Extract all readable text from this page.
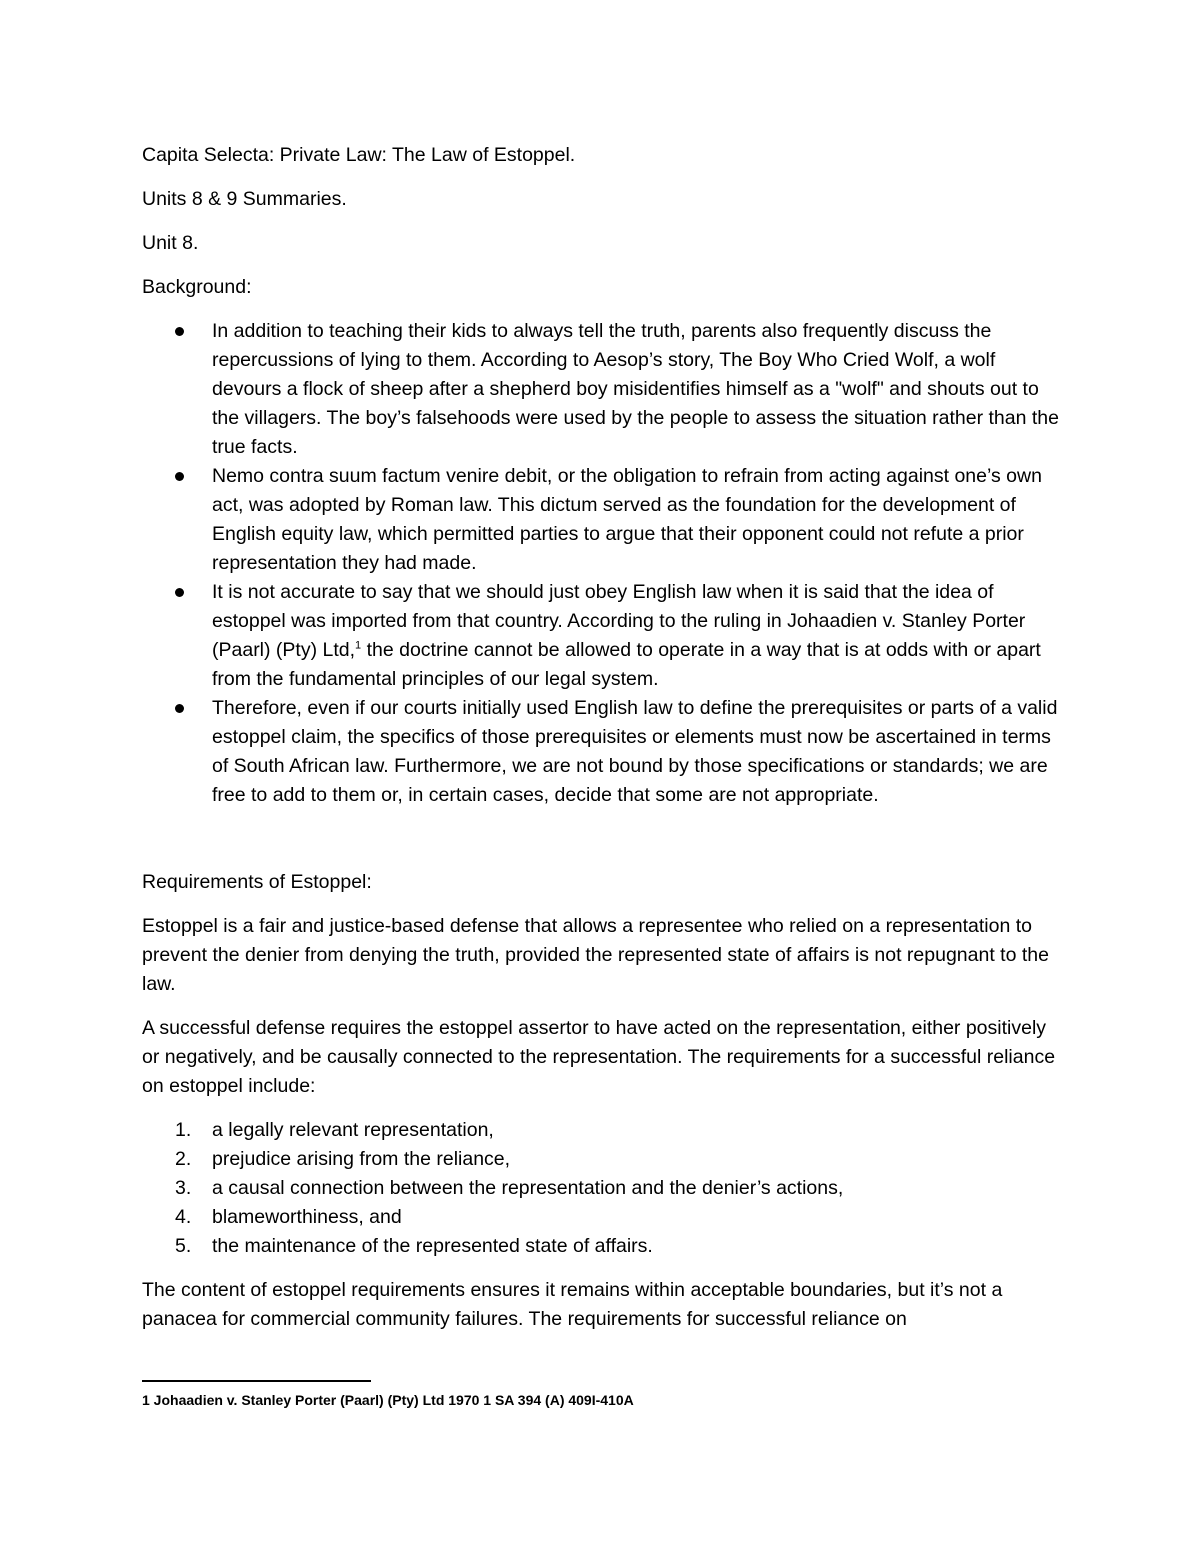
Capita Selecta: Private Law: The Law of Estoppel.

Units 8 & 9 Summaries.

Unit 8.

Background:

In addition to teaching their kids to always tell the truth, parents also frequently discuss the repercussions of lying to them. According to Aesop’s story, The Boy Who Cried Wolf, a wolf devours a flock of sheep after a shepherd boy misidentifies himself as a "wolf" and shouts out to the villagers. The boy’s falsehoods were used by the people to assess the situation rather than the true facts.
Nemo contra suum factum venire debit, or the obligation to refrain from acting against one’s own act, was adopted by Roman law. This dictum served as the foundation for the development of English equity law, which permitted parties to argue that their opponent could not refute a prior representation they had made.
It is not accurate to say that we should just obey English law when it is said that the idea of estoppel was imported from that country. According to the ruling in Johaadien v. Stanley Porter (Paarl) (Pty) Ltd,$^1$ the doctrine cannot be allowed to operate in a way that is at odds with or apart from the fundamental principles of our legal system.
Therefore, even if our courts initially used English law to define the prerequisites or parts of a valid estoppel claim, the specifics of those prerequisites or elements must now be ascertained in terms of South African law. Furthermore, we are not bound by those specifications or standards; we are free to add to them or, in certain cases, decide that some are not appropriate.

Requirements of Estoppel:

Estoppel is a fair and justice-based defense that allows a representee who relied on a representation to prevent the denier from denying the truth, provided the represented state of affairs is not repugnant to the law.

A successful defense requires the estoppel assertor to have acted on the representation, either positively or negatively, and be causally connected to the representation. The requirements for a successful reliance on estoppel include:

1. a legally relevant representation,
2. prejudice arising from the reliance,
3. a causal connection between the representation and the denier’s actions,
4. blameworthiness, and
5. the maintenance of the represented state of affairs.

The content of estoppel requirements ensures it remains within acceptable boundaries, but it’s not a panacea for commercial community failures. The requirements for successful reliance on

1 Johaadien v. Stanley Porter (Paarl) (Pty) Ltd 1970 1 SA 394 (A) 409I-410A
